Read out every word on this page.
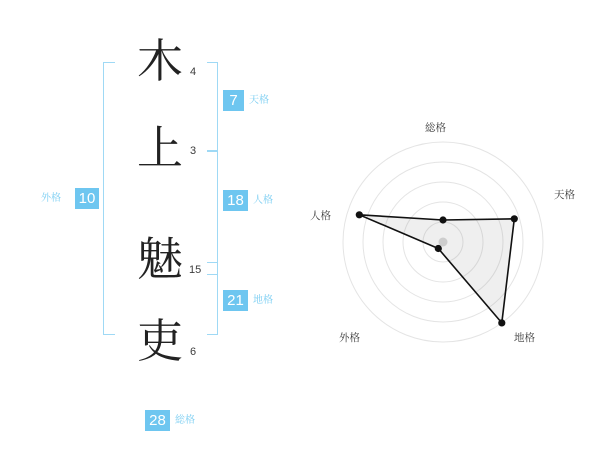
外格 10
木 4
上 3
魅 15
吏 6
7	天格
18 人格
21 地格
28 総格
総格
天格
地格
外格
人格
